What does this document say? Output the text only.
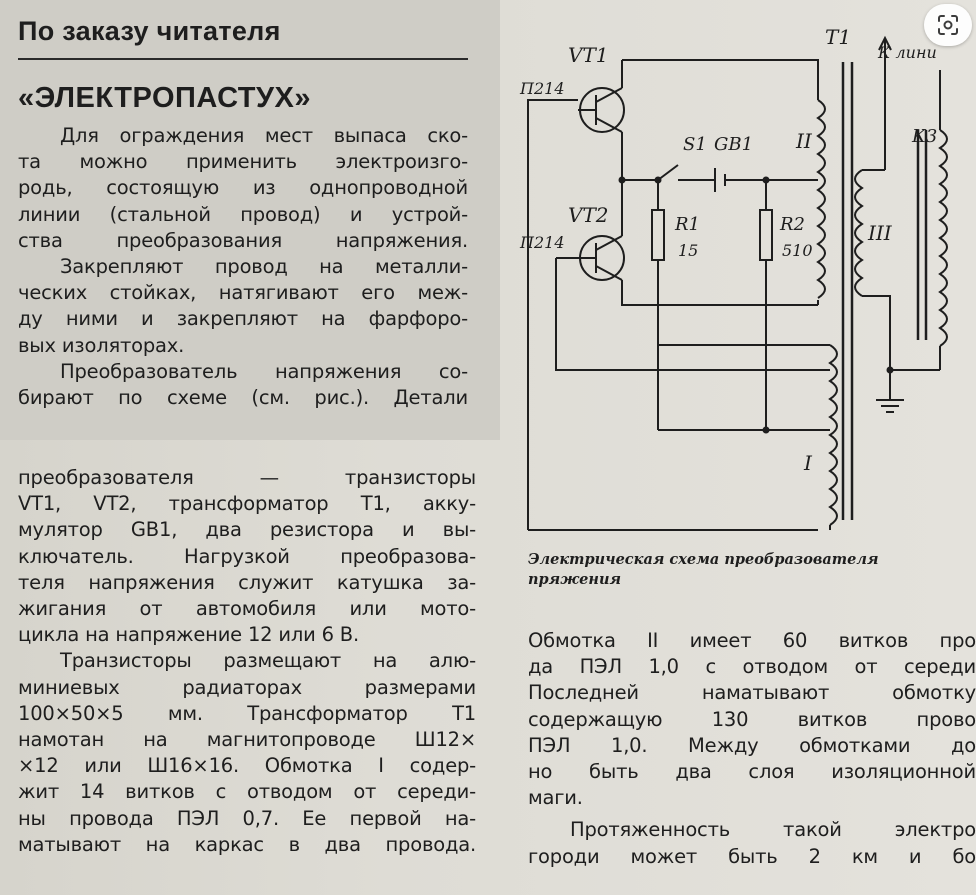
По заказу читателя
«ЭЛЕКТРОПАСТУХ»
Для ограждения мест выпаса ско-
та можно применить электроизго-
родь, состоящую из однопроводной
линии (стальной провод) и устрой-
ства преобразования напряжения.
Закрепляют провод на металли-
ческих стойках, натягивают его меж-
ду ними и закрепляют на фарфоро-
вых изоляторах.
Преобразователь напряжения со-
бирают по схеме (см. рис.). Детали
преобразователя — транзисторы
VT1, VT2, трансформатор Т1, акку-
мулятор GB1, два резистора и вы-
ключатель. Нагрузкой преобразова-
теля напряжения служит катушка за-
жигания от автомобиля или мото-
цикла на напряжение 12 или 6 В.
Транзисторы размещают на алю-
миниевых радиаторах размерами
100×50×5 мм. Трансформатор Т1
намотан на магнитопроводе Ш12×
×12 или Ш16×16. Обмотка I содер-
жит 14 витков с отводом от середи-
ны провода ПЭЛ 0,7. Ее первой на-
матывают на каркас в два провода.
VT1
П214
VT2
П214
T1
К лини
К3
S1 GB1
R1
15
R2
510
II
I
III
Электрическая схема преобразователя
пряжения
Обмотка II имеет 60 витков про
да ПЭЛ 1,0 с отводом от середи
Последней наматывают обмотку
содержащую 130 витков прово
ПЭЛ 1,0. Между обмотками до
но быть два слоя изоляционной
маги.
Протяженность такой электро
городи может быть 2 км и бо
